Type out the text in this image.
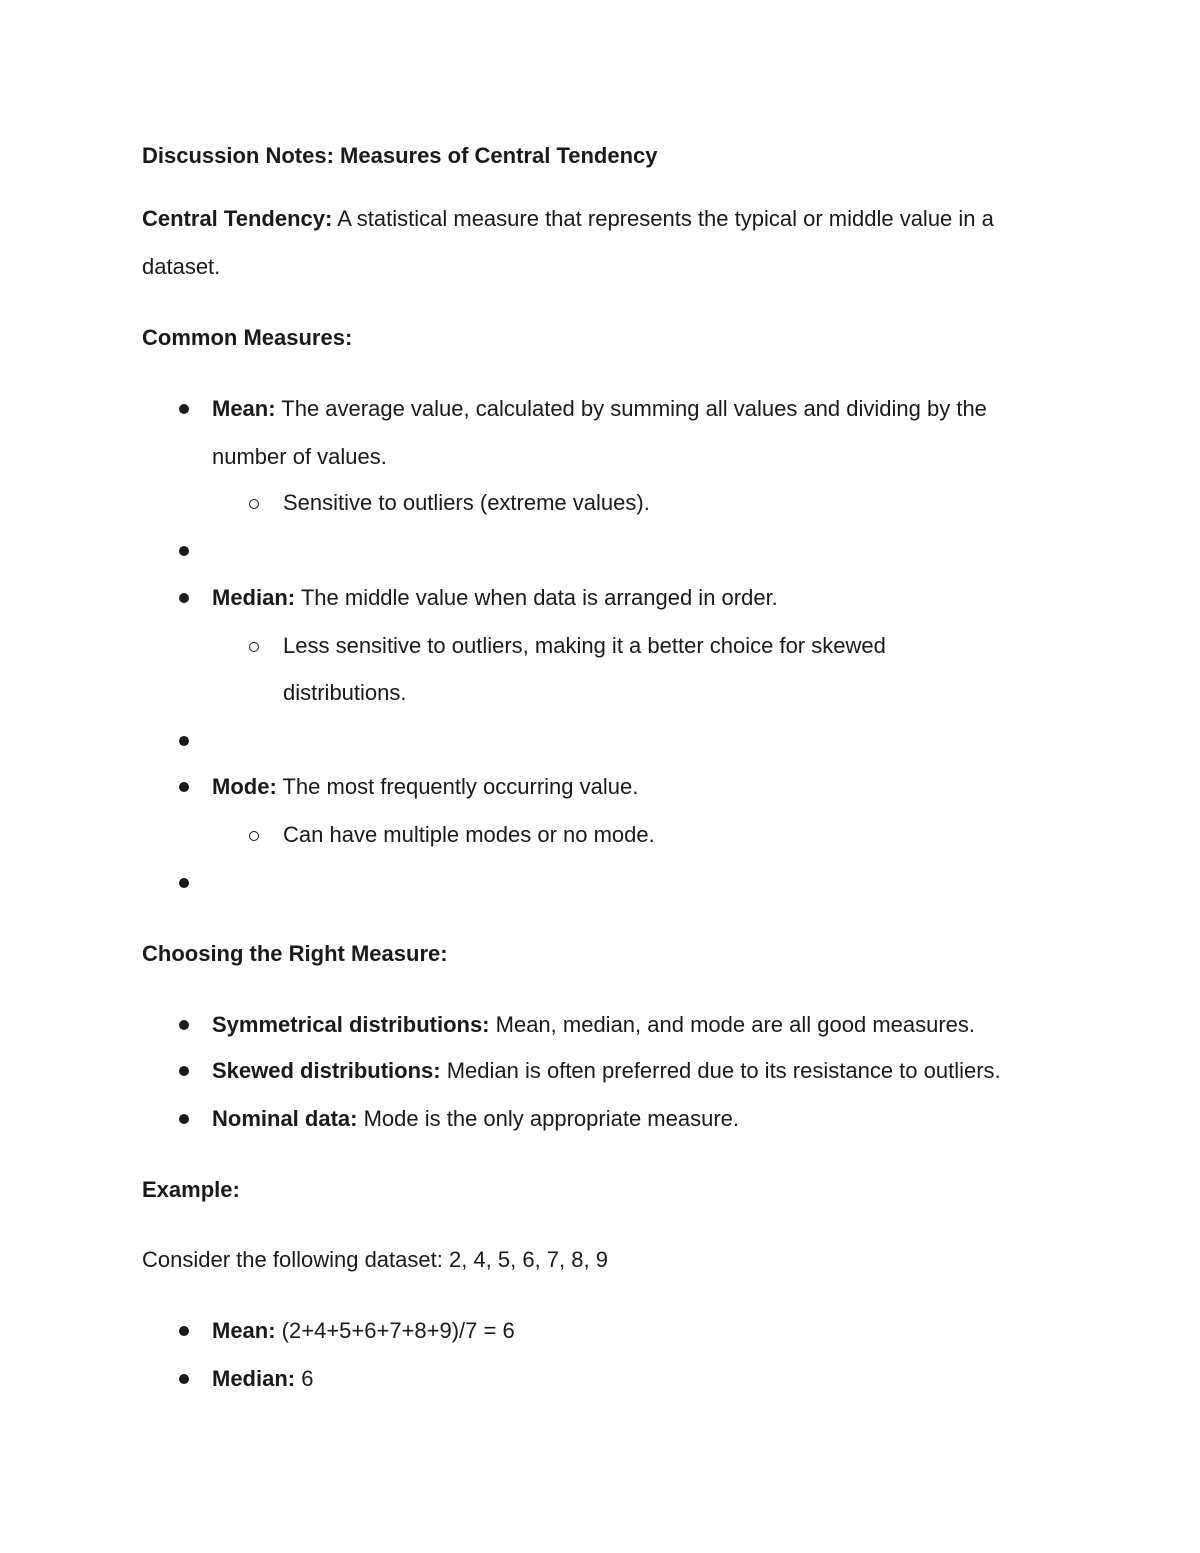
Discussion Notes: Measures of Central Tendency
Central Tendency: A statistical measure that represents the typical or middle value in a
dataset.
Common Measures:
Mean: The average value, calculated by summing all values and dividing by the
number of values.
Sensitive to outliers (extreme values).
Median: The middle value when data is arranged in order.
Less sensitive to outliers, making it a better choice for skewed
distributions.
Mode: The most frequently occurring value.
Can have multiple modes or no mode.
Choosing the Right Measure:
Symmetrical distributions: Mean, median, and mode are all good measures.
Skewed distributions: Median is often preferred due to its resistance to outliers.
Nominal data: Mode is the only appropriate measure.
Example:
Consider the following dataset: 2, 4, 5, 6, 7, 8, 9
Mean: (2+4+5+6+7+8+9)/7 = 6
Median: 6
